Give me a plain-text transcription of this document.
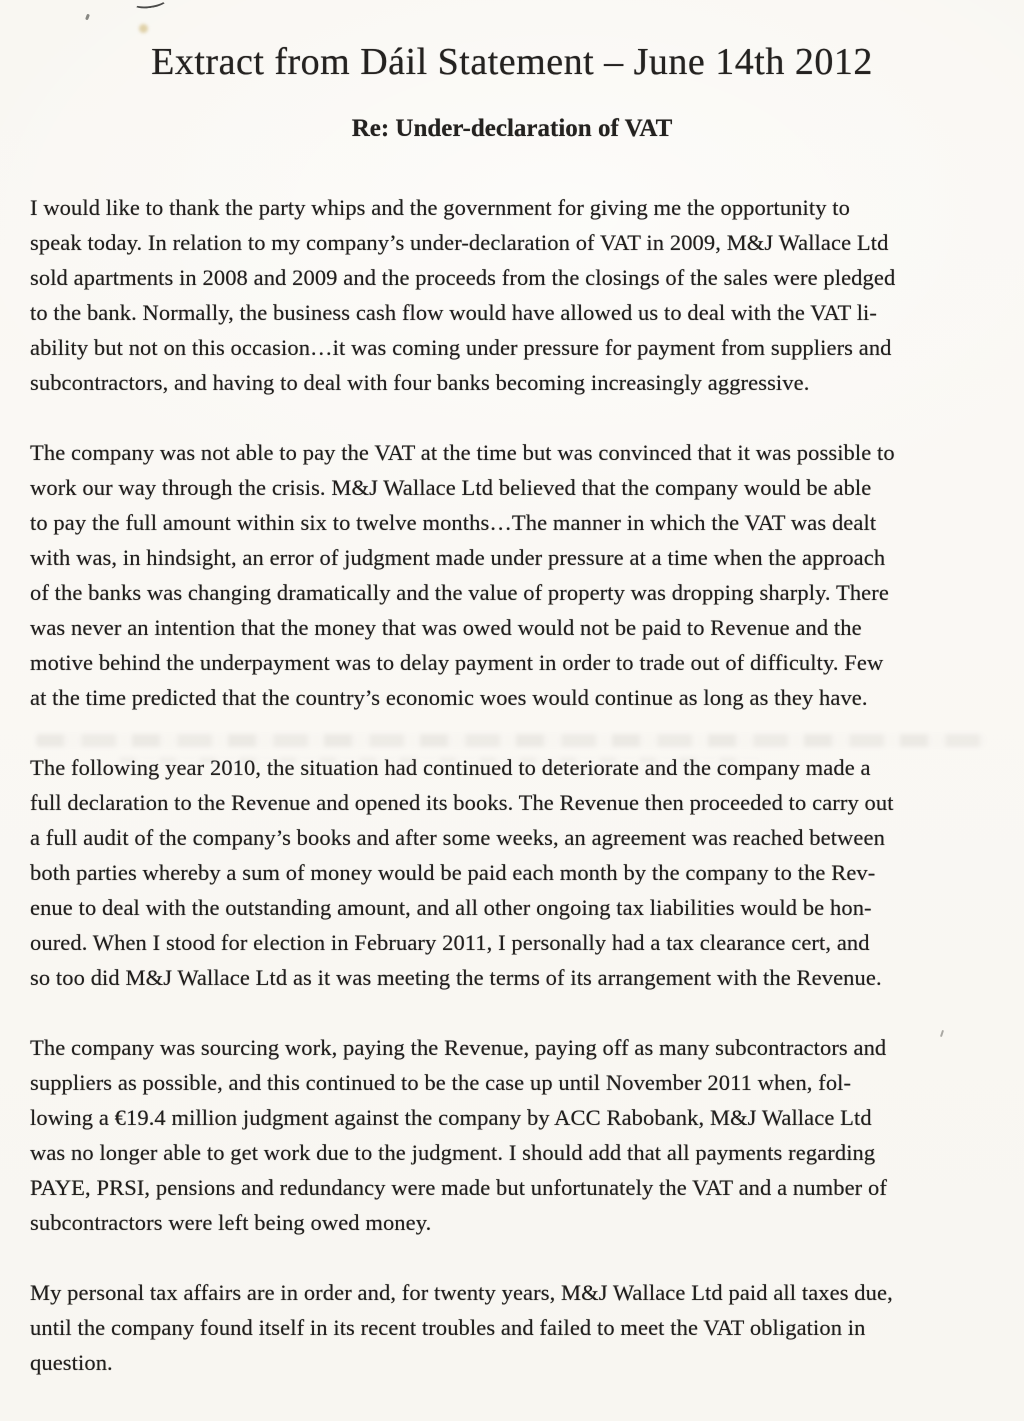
Extract from Dáil Statement – June 14th 2012
Re: Under-declaration of VAT
I would like to thank the party whips and the government for giving me the opportunity to
speak today. In relation to my company’s under-declaration of VAT in 2009, M&J Wallace Ltd
sold apartments in 2008 and 2009 and the proceeds from the closings of the sales were pledged
to the bank. Normally, the business cash flow would have allowed us to deal with the VAT li-
ability but not on this occasion…it was coming under pressure for payment from suppliers and
subcontractors, and having to deal with four banks becoming increasingly aggressive.
The company was not able to pay the VAT at the time but was convinced that it was possible to
work our way through the crisis. M&J Wallace Ltd believed that the company would be able
to pay the full amount within six to twelve months…The manner in which the VAT was dealt
with was, in hindsight, an error of judgment made under pressure at a time when the approach
of the banks was changing dramatically and the value of property was dropping sharply. There
was never an intention that the money that was owed would not be paid to Revenue and the
motive behind the underpayment was to delay payment in order to trade out of difficulty. Few
at the time predicted that the country’s economic woes would continue as long as they have.
The following year 2010, the situation had continued to deteriorate and the company made a
full declaration to the Revenue and opened its books. The Revenue then proceeded to carry out
a full audit of the company’s books and after some weeks, an agreement was reached between
both parties whereby a sum of money would be paid each month by the company to the Rev-
enue to deal with the outstanding amount, and all other ongoing tax liabilities would be hon-
oured. When I stood for election in February 2011, I personally had a tax clearance cert, and
so too did M&J Wallace Ltd as it was meeting the terms of its arrangement with the Revenue.
The company was sourcing work, paying the Revenue, paying off as many subcontractors and
suppliers as possible, and this continued to be the case up until November 2011 when, fol-
lowing a €19.4 million judgment against the company by ACC Rabobank, M&J Wallace Ltd
was no longer able to get work due to the judgment. I should add that all payments regarding
PAYE, PRSI, pensions and redundancy were made but unfortunately the VAT and a number of
subcontractors were left being owed money.
My personal tax affairs are in order and, for twenty years, M&J Wallace Ltd paid all taxes due,
until the company found itself in its recent troubles and failed to meet the VAT obligation in
question.
